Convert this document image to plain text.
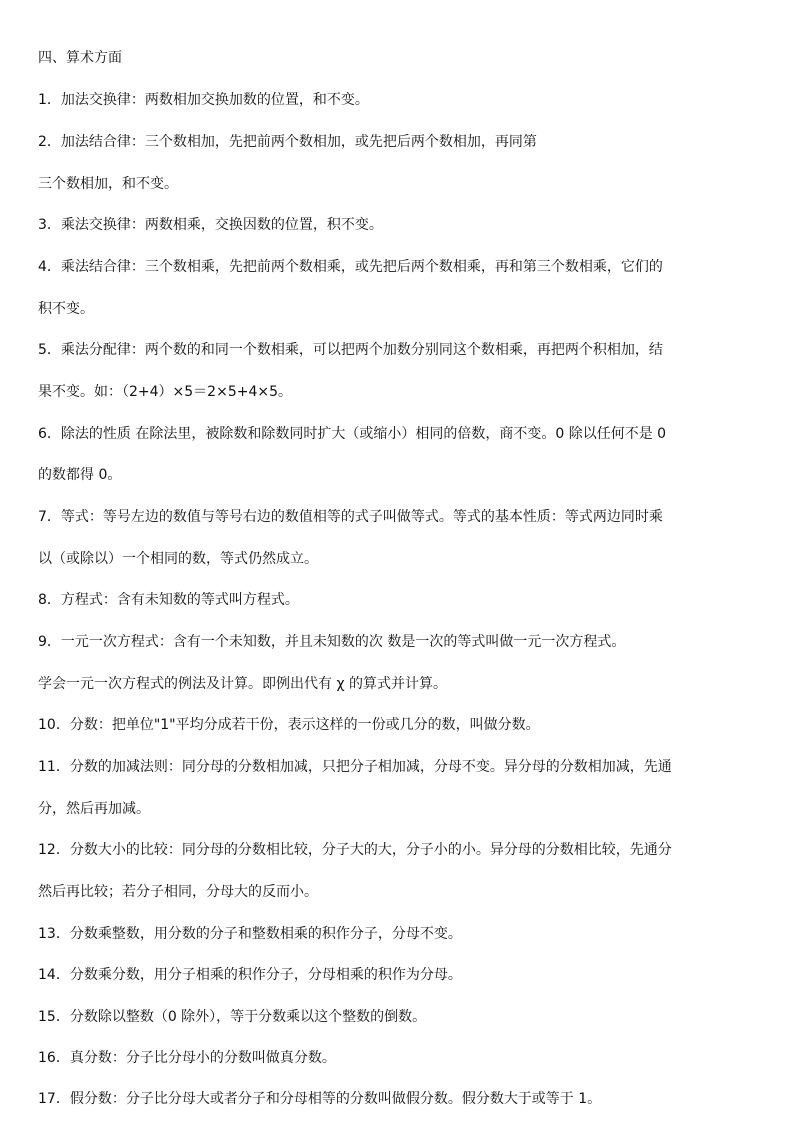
四、算术方面
1．加法交换律：两数相加交换加数的位置，和不变。
2．加法结合律：三个数相加，先把前两个数相加，或先把后两个数相加，再同第
三个数相加，和不变。
3．乘法交换律：两数相乘，交换因数的位置，积不变。
4．乘法结合律：三个数相乘，先把前两个数相乘，或先把后两个数相乘，再和第三个数相乘，它们的
积不变。
5．乘法分配律：两个数的和同一个数相乘，可以把两个加数分别同这个数相乘，再把两个积相加，结
果不变。如：（2+4）×5＝2×5+4×5。
6．除法的性质 在除法里，被除数和除数同时扩大（或缩小）相同的倍数，商不变。0 除以任何不是 0
的数都得 0。
7．等式：等号左边的数值与等号右边的数值相等的式子叫做等式。等式的基本性质：等式两边同时乘
以（或除以）一个相同的数，等式仍然成立。
8．方程式：含有未知数的等式叫方程式。
9．一元一次方程式：含有一个未知数，并且未知数的次 数是一次的等式叫做一元一次方程式。
学会一元一次方程式的例法及计算。即例出代有 χ 的算式并计算。
10．分数：把单位"1"平均分成若干份，表示这样的一份或几分的数，叫做分数。
11．分数的加减法则：同分母的分数相加减，只把分子相加减，分母不变。异分母的分数相加减，先通
分，然后再加减。
12．分数大小的比较：同分母的分数相比较，分子大的大，分子小的小。异分母的分数相比较，先通分
然后再比较；若分子相同，分母大的反而小。
13．分数乘整数，用分数的分子和整数相乘的积作分子，分母不变。
14．分数乘分数，用分子相乘的积作分子，分母相乘的积作为分母。
15．分数除以整数（0 除外），等于分数乘以这个整数的倒数。
16．真分数：分子比分母小的分数叫做真分数。
17．假分数：分子比分母大或者分子和分母相等的分数叫做假分数。假分数大于或等于 1。
